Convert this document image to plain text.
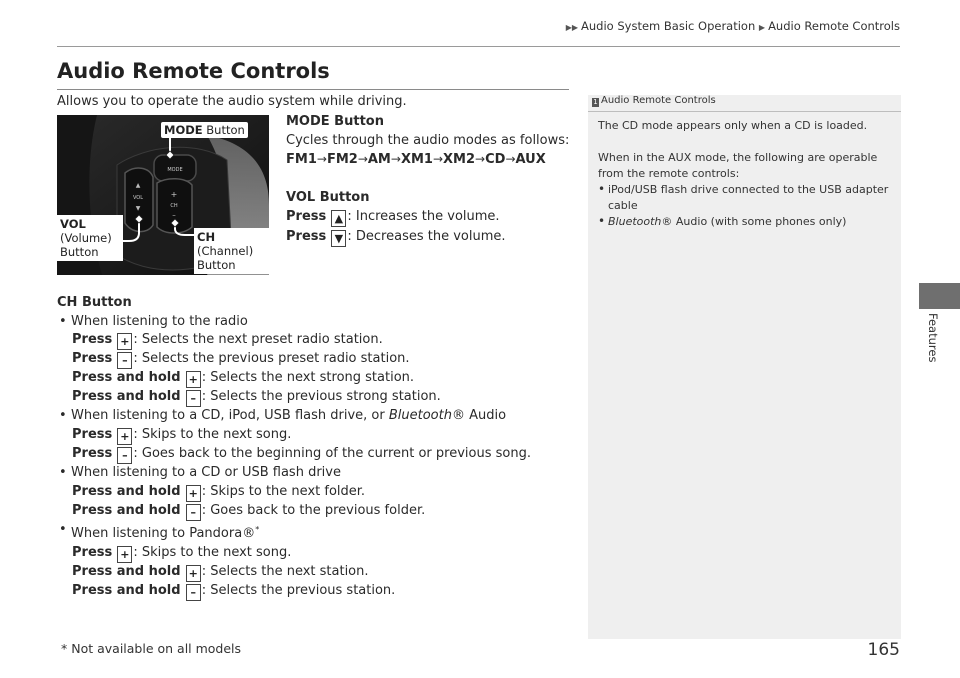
▶▶ Audio System Basic Operation ▶ Audio Remote Controls
Features
Audio Remote Controls
Allows you to operate the audio system while driving.
MODE
▲
VOL
▼
+
CH
–
MODE Button
VOL
(Volume)
Button
CH
(Channel)
Button
MODE Button
Cycles through the audio modes as follows:
FM1→FM2→AM→XM1→XM2→CD→AUX
VOL Button
Press ▲ : Increases the volume.
Press ▼ : Decreases the volume.
CH Button
• When listening to the radio
Press + : Selects the next preset radio station.
Press – : Selects the previous preset radio station.
Press and hold + : Selects the next strong station.
Press and hold – : Selects the previous strong station.
• When listening to a CD, iPod, USB flash drive, or Bluetooth® Audio
Press + : Skips to the next song.
Press – : Goes back to the beginning of the current or previous song.
• When listening to a CD or USB flash drive
Press and hold + : Skips to the next folder.
Press and hold – : Goes back to the previous folder.
• When listening to Pandora®*
Press + : Skips to the next song.
Press and hold + : Selects the next station.
Press and hold – : Selects the previous station.
1 Audio Remote Controls

The CD mode appears only when a CD is loaded.

When in the AUX mode, the following are operable from the remote controls:

• iPod/USB flash drive connected to the USB adapter cable

• Bluetooth® Audio (with some phones only)

* Not available on all models	165
